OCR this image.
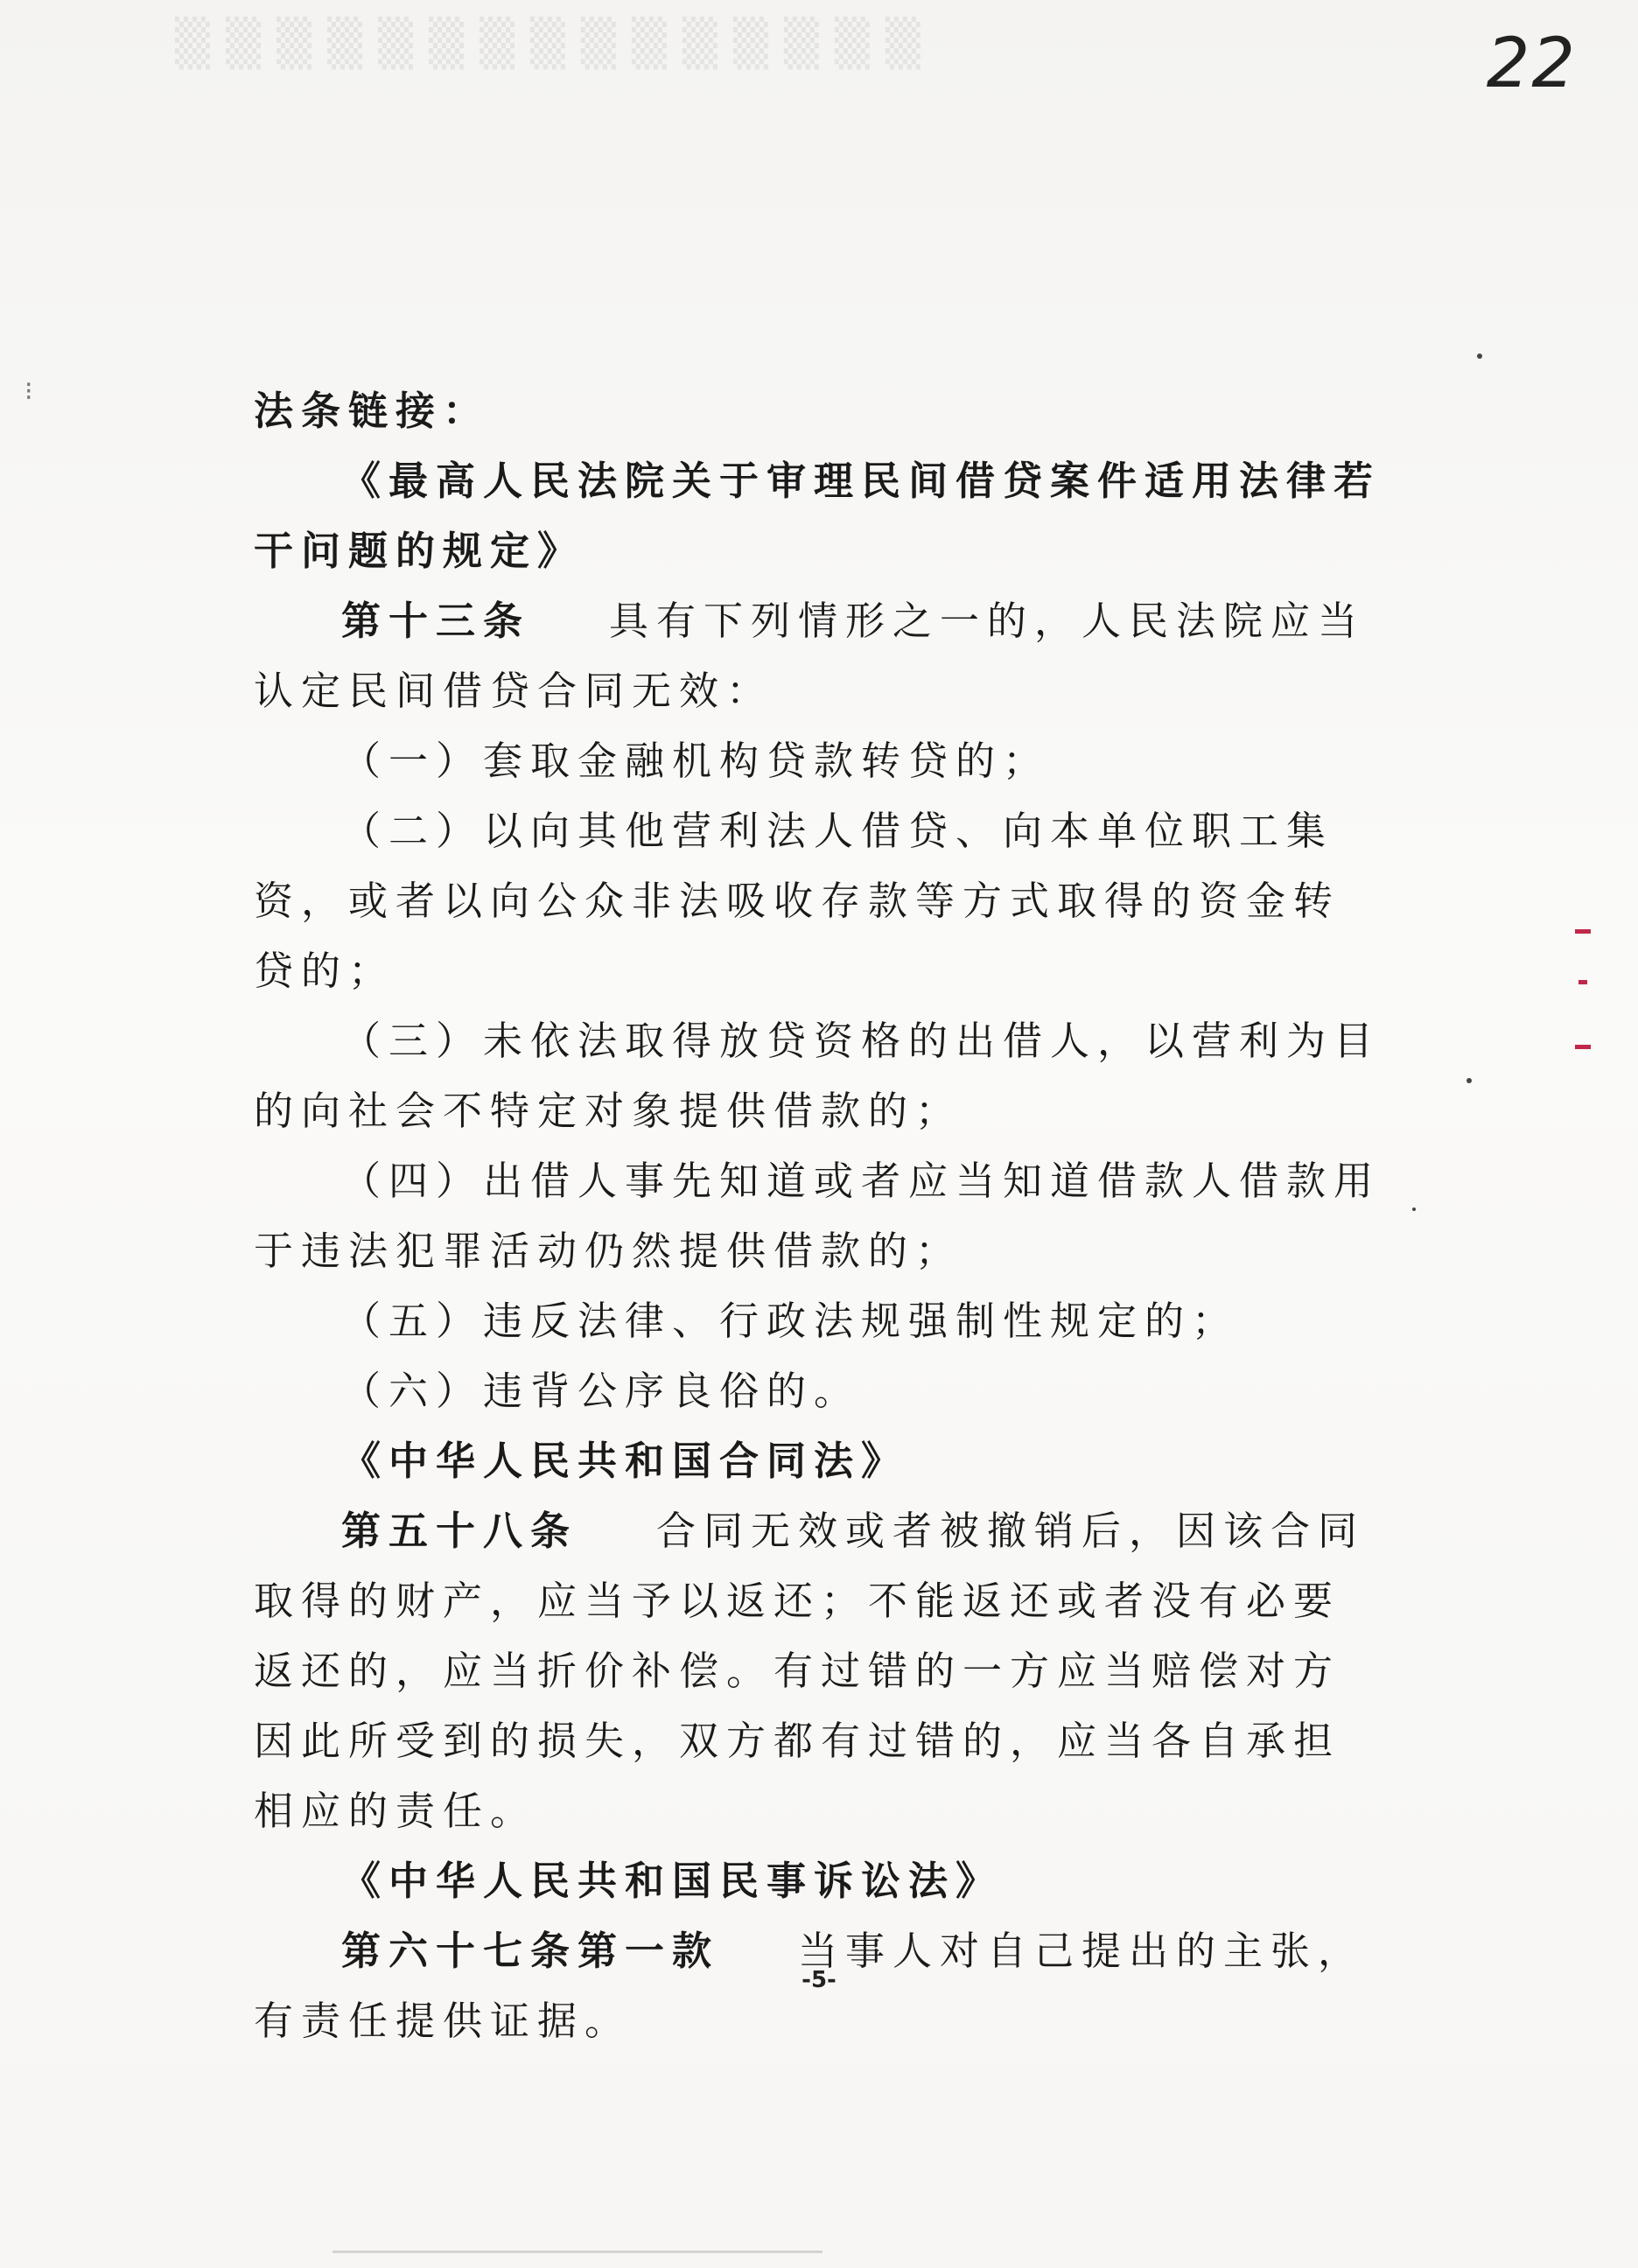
▒▒▒▒▒▒▒▒▒▒▒▒▒▒▒	22
⁝	法条链接：

《最高人民法院关于审理民间借贷案件适用法律若干问题的规定》

第十三条 具有下列情形之一的，人民法院应当认定民间借贷合同无效：

（一）套取金融机构贷款转贷的；

（二）以向其他营利法人借贷、向本单位职工集资，或者以向公众非法吸收存款等方式取得的资金转贷的；

（三）未依法取得放贷资格的出借人，以营利为目的向社会不特定对象提供借款的；

（四）出借人事先知道或者应当知道借款人借款用于违法犯罪活动仍然提供借款的；

（五）违反法律、行政法规强制性规定的；

（六）违背公序良俗的。

《中华人民共和国合同法》

第五十八条 合同无效或者被撤销后，因该合同取得的财产，应当予以返还；不能返还或者没有必要返还的，应当折价补偿。有过错的一方应当赔偿对方因此所受到的损失，双方都有过错的，应当各自承担相应的责任。

《中华人民共和国民事诉讼法》

第六十七条第一款 当事人对自己提出的主张，有责任提供证据。

-5-
